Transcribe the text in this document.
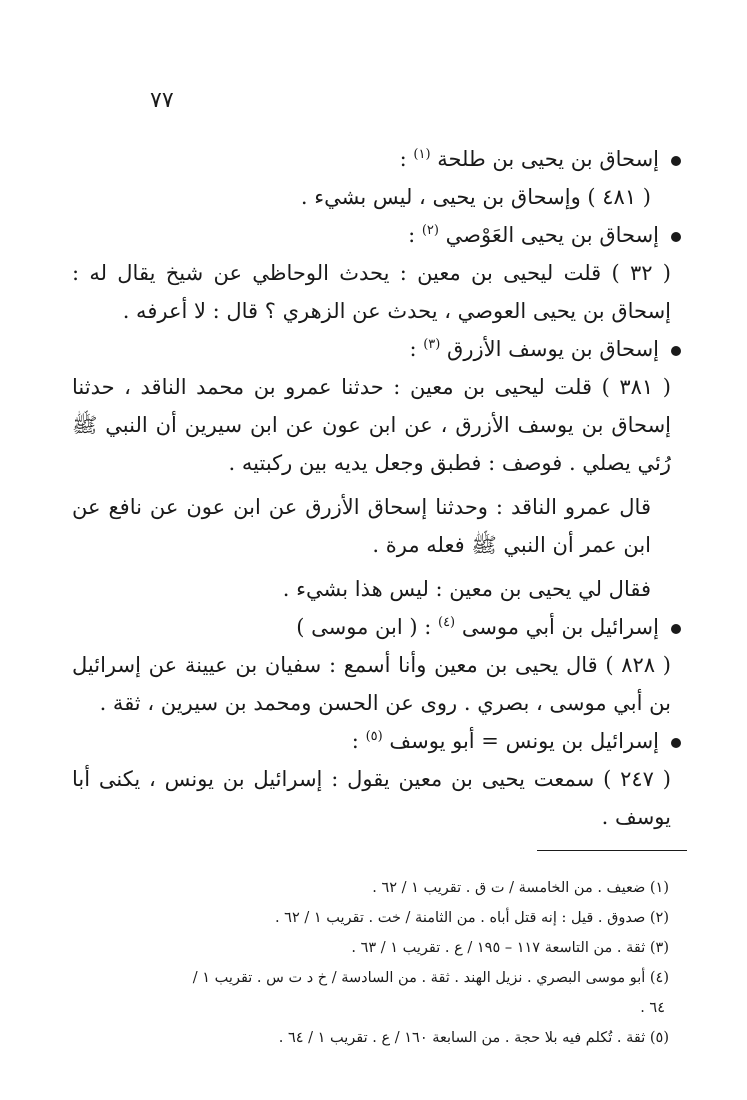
٧٧

إسحاق بن يحيى بن طلحة $^{(١)}$ :

( ٤٨١ ) وإسحاق بن يحيى ، ليس بشيء .

إسحاق بن يحيى العَوْصي $^{(٢)}$ :

( ٣٢ ) قلت ليحيى بن معين : يحدث الوحاظي عن شيخ يقال له : إسحاق بن يحيى العوصي ، يحدث عن الزهري ؟ قال : لا أعرفه .

إسحاق بن يوسف الأزرق $^{(٣)}$ :

( ٣٨١ ) قلت ليحيى بن معين : حدثنا عمرو بن محمد الناقد ، حدثنا إسحاق بن يوسف الأزرق ، عن ابن عون عن ابن سيرين أن النبي ﷺ رُئي يصلي . فوصف : فطبق وجعل يديه بين ركبتيه .

قال عمرو الناقد : وحدثنا إسحاق الأزرق عن ابن عون عن نافع عن ابن عمر أن النبي ﷺ فعله مرة .

فقال لي يحيى بن معين : ليس هذا بشيء .

إسرائيل بن أبي موسى $^{(٤)}$ : ( ابن موسى )

( ٨٢٨ ) قال يحيى بن معين وأنا أسمع : سفيان بن عيينة عن إسرائيل بن أبي موسى ، بصري . روى عن الحسن ومحمد بن سيرين ، ثقة .

إسرائيل بن يونس = أبو يوسف $^{(٥)}$ :

( ٢٤٧ ) سمعت يحيى بن معين يقول : إسرائيل بن يونس ، يكنى أبا يوسف .

(١) ضعيف . من الخامسة / ت ق . تقريب ١ / ٦٢ .

(٢) صدوق . قيل : إنه قتل أباه . من الثامنة / خت . تقريب ١ / ٦٢ .

(٣) ثقة . من التاسعة ١١٧ – ١٩٥ / ع . تقريب ١ / ٦٣ .

(٤) أبو موسى البصري . نزيل الهند . ثقة . من السادسة / خ د ت س . تقريب ١ /

٦٤ .

(٥) ثقة . تُكلم فيه بلا حجة . من السابعة ١٦٠ / ع . تقريب ١ / ٦٤ .
